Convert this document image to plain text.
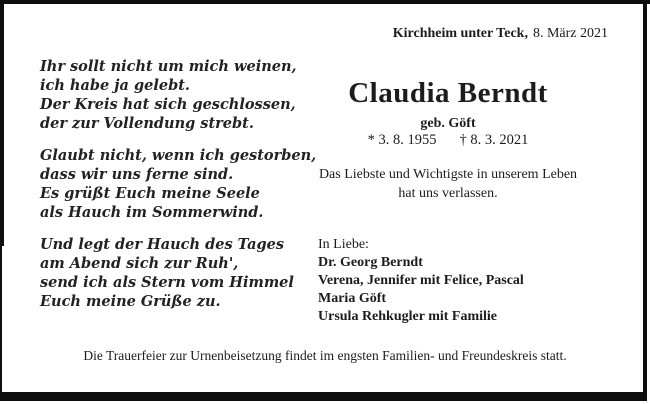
Kirchheim unter Teck, 8. März 2021
Ihr sollt nicht um mich weinen,
ich habe ja gelebt.
Der Kreis hat sich geschlossen,
der zur Vollendung strebt.
Glaubt nicht, wenn ich gestorben,
dass wir uns ferne sind.
Es grüßt Euch meine Seele
als Hauch im Sommerwind.
Und legt der Hauch des Tages
am Abend sich zur Ruh',
send ich als Stern vom Himmel
Euch meine Grüße zu.
Claudia Berndt
geb. Göft
* 3. 8. 1955 † 8. 3. 2021
Das Liebste und Wichtigste in unserem Leben
hat uns verlassen.
In Liebe:
Dr. Georg Berndt
Verena, Jennifer mit Felice, Pascal
Maria Göft
Ursula Rehkugler mit Familie
Die Trauerfeier zur Urnenbeisetzung findet im engsten Familien- und Freundeskreis statt.
